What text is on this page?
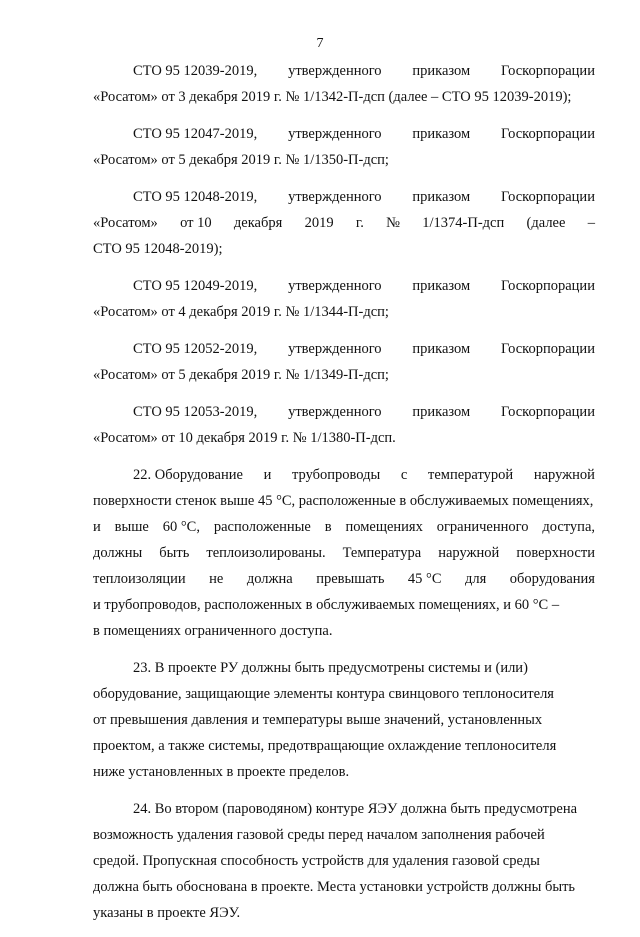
7
СТО 95 12039-2019, утвержденного приказом Госкорпорации
«Росатом» от 3 декабря 2019 г. № 1/1342-П-дсп (далее – СТО 95 12039-2019);
СТО 95 12047-2019, утвержденного приказом Госкорпорации
«Росатом» от 5 декабря 2019 г. № 1/1350-П-дсп;
СТО 95 12048-2019, утвержденного приказом Госкорпорации
«Росатом» от 10 декабря 2019 г. № 1/1374-П-дсп (далее –
СТО 95 12048-2019);
СТО 95 12049-2019, утвержденного приказом Госкорпорации
«Росатом» от 4 декабря 2019 г. № 1/1344-П-дсп;
СТО 95 12052-2019, утвержденного приказом Госкорпорации
«Росатом» от 5 декабря 2019 г. № 1/1349-П-дсп;
СТО 95 12053-2019, утвержденного приказом Госкорпорации
«Росатом» от 10 декабря 2019 г. № 1/1380-П-дсп.
22. Оборудование и трубопроводы с температурой наружной
поверхности стенок выше 45 °С, расположенные в обслуживаемых помещениях,
и выше 60 °С, расположенные в помещениях ограниченного доступа,
должны быть теплоизолированы. Температура наружной поверхности
теплоизоляции не должна превышать 45 °С для оборудования
и трубопроводов, расположенных в обслуживаемых помещениях, и 60 °С –
в помещениях ограниченного доступа.
23. В проекте РУ должны быть предусмотрены системы и (или)
оборудование, защищающие элементы контура свинцового теплоносителя
от превышения давления и температуры выше значений, установленных
проектом, а также системы, предотвращающие охлаждение теплоносителя
ниже установленных в проекте пределов.
24. Во втором (пароводяном) контуре ЯЭУ должна быть предусмотрена
возможность удаления газовой среды перед началом заполнения рабочей
средой. Пропускная способность устройств для удаления газовой среды
должна быть обоснована в проекте. Места установки устройств должны быть
указаны в проекте ЯЭУ.
